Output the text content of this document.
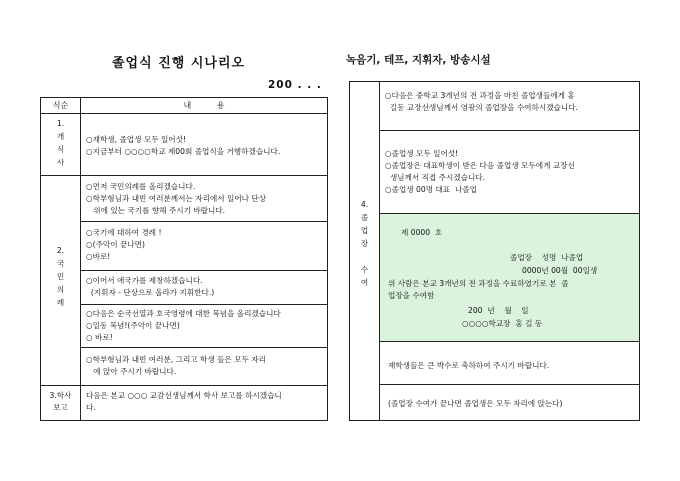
졸업식 진행 시나리오	녹음기, 테프, 지휘자, 방송시설
200 . . .
식순	내          용
1.
개
식
사
○재학생, 졸업생 모두 일어섯!
○지금부터 ○○○○학교 제00회 졸업식을 거행하겠습니다.
2.
국
민
의
례
○먼저 국민의례를 올리겠습니다.
○학부형님과 내빈 여러분께서는 자리에서 일어나 단상
위에 있는 국기를 향해 주시기 바랍니다.
○국기에 대하여 경례 !
○(주악이 끝나면)
○바로!
○이어서 애국가를 제창하겠습니다.
(지휘자 - 단상으로 올라가 지휘한다.)
○다음은 순국선열과 호국영령에 대한 묵념을 올리겠습니다
○일동 묵념!(주악이 끝나면)
○ 바로!
○학부형님과 내빈 여러분, 그리고 학생 들은 모두 자리
에 앉아 주시기 바랍니다.
3.학사
보고
다음은 본교 ○○○ 교감선생님께서 학사 보고를 하시겠습니
다.
4.
졸
업
장

수
여
○다음은 중학교 3개년의 전 과정을 마친 졸업생들에게 홍
길동 교장선생님께서 영광의 졸업장을 수여하시겠습니다.
○졸업생 모두 일어섯!
○졸업장은 대표학생이 받은 다음 졸업생 모두에게 교장선
생님께서 직접 주시겠습니다.
○졸업생 00명 대표  나졸업
제 0000  호
졸업장    성명  나졸업
0000년 00월  00일생
위 사람은 본교 3개년의 전 과정을 수료하였기로 본  졸
업장을 수여함
200  년    월    일
○○○○학교장  홍 길 동
재학생들은 큰 박수로 축하하여 주시기 바랍니다.
(졸업장 수여가 끝나면 졸업생은 모두 자리에 앉는다)
